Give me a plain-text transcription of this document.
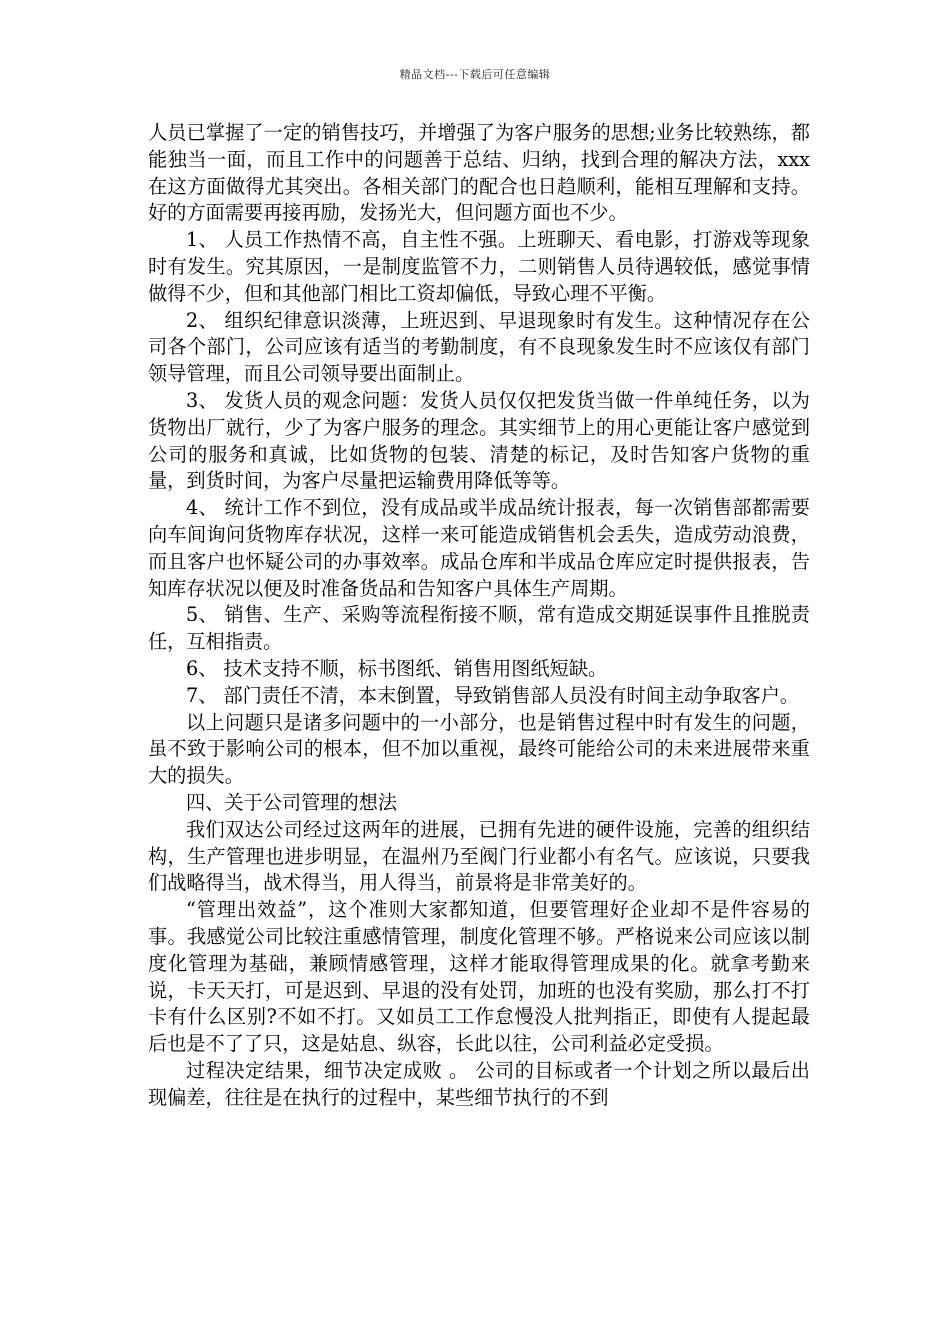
精品文档---下载后可任意编辑

人员已掌握了一定的销售技巧，并增强了为客户服务的思想;业务比较熟练，都能独当一面，而且工作中的问题善于总结、归纳，找到合理的解决方法，xxx在这方面做得尤其突出。各相关部门的配合也日趋顺利，能相互理解和支持。好的方面需要再接再励，发扬光大，但问题方面也不少。

1、 人员工作热情不高，自主性不强。上班聊天、看电影，打游戏等现象时有发生。究其原因，一是制度监管不力，二则销售人员待遇较低，感觉事情做得不少，但和其他部门相比工资却偏低，导致心理不平衡。

2、 组织纪律意识淡薄，上班迟到、早退现象时有发生。这种情况存在公司各个部门，公司应该有适当的考勤制度，有不良现象发生时不应该仅有部门领导管理，而且公司领导要出面制止。

3、 发货人员的观念问题：发货人员仅仅把发货当做一件单纯任务，以为货物出厂就行，少了为客户服务的理念。其实细节上的用心更能让客户感觉到公司的服务和真诚，比如货物的包装、清楚的标记，及时告知客户货物的重量，到货时间，为客户尽量把运输费用降低等等。

4、 统计工作不到位，没有成品或半成品统计报表，每一次销售部都需要向车间询问货物库存状况，这样一来可能造成销售机会丢失，造成劳动浪费，而且客户也怀疑公司的办事效率。成品仓库和半成品仓库应定时提供报表，告知库存状况以便及时准备货品和告知客户具体生产周期。

5、 销售、生产、采购等流程衔接不顺，常有造成交期延误事件且推脱责任，互相指责。

6、 技术支持不顺，标书图纸、销售用图纸短缺。

7、 部门责任不清，本末倒置，导致销售部人员没有时间主动争取客户。

以上问题只是诸多问题中的一小部分，也是销售过程中时有发生的问题，虽不致于影响公司的根本，但不加以重视，最终可能给公司的未来进展带来重大的损失。

四、关于公司管理的想法

我们双达公司经过这两年的进展，已拥有先进的硬件设施，完善的组织结构，生产管理也进步明显，在温州乃至阀门行业都小有名气。应该说，只要我们战略得当，战术得当，用人得当，前景将是非常美好的。

“管理出效益”，这个准则大家都知道，但要管理好企业却不是件容易的事。我感觉公司比较注重感情管理，制度化管理不够。严格说来公司应该以制度化管理为基础，兼顾情感管理，这样才能取得管理成果的化。就拿考勤来说，卡天天打，可是迟到、早退的没有处罚，加班的也没有奖励，那么打不打卡有什么区别?不如不打。又如员工工作怠慢没人批判指正，即使有人提起最后也是不了了只，这是姑息、纵容，长此以往，公司利益必定受损。

过程决定结果，细节决定成败 。 公司的目标或者一个计划之所以最后出现偏差，往往是在执行的过程中，某些细节执行的不到
